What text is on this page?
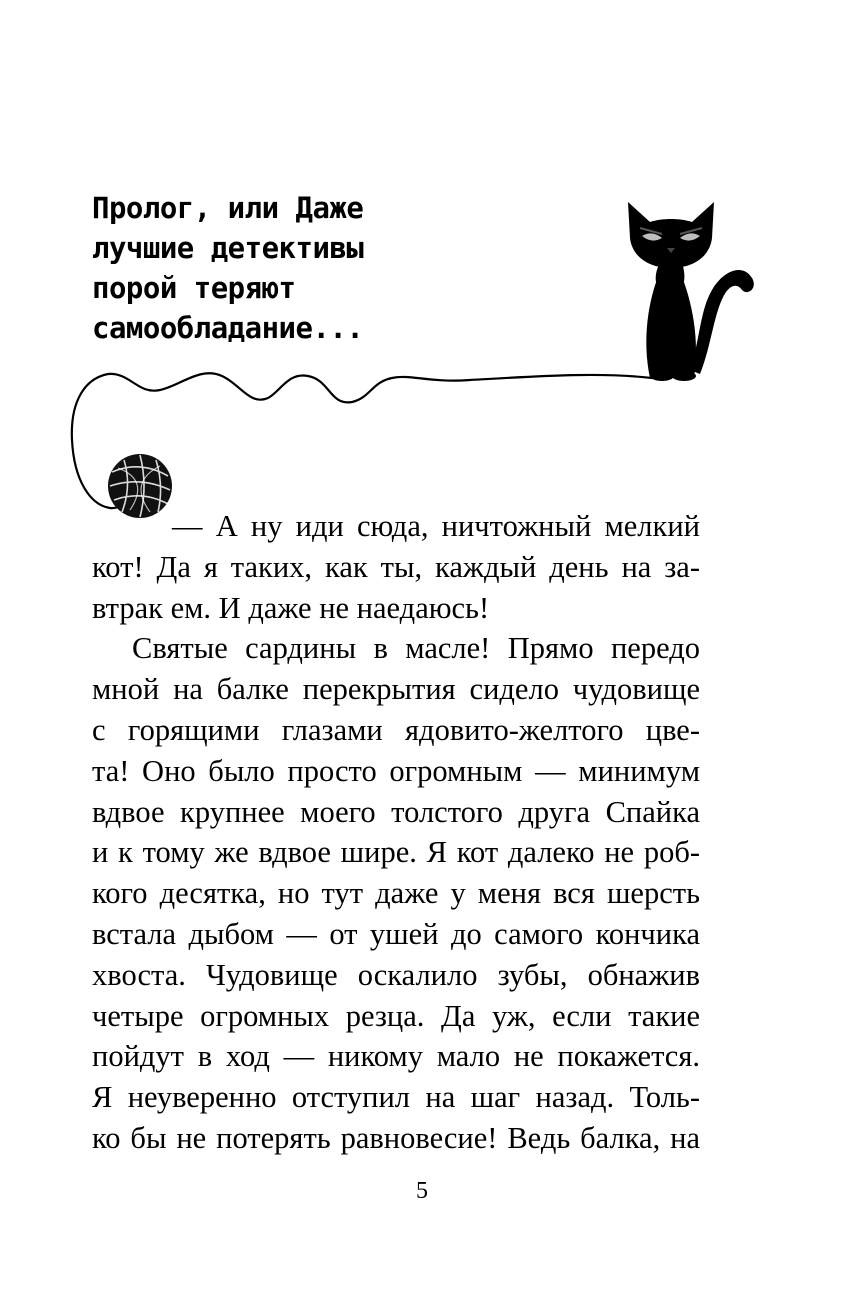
Пролог, или Даже
лучшие детективы
порой теряют
самообладание...
— А ну иди сюда, ничтожный мелкий
кот! Да я таких, как ты, каждый день на за-
втрак ем. И даже не наедаюсь!
Святые сардины в масле! Прямо передо
мной на балке перекрытия сидело чудовище
с горящими глазами ядовито-желтого цве-
та! Оно было просто огромным — минимум
вдвое крупнее моего толстого друга Спайка
и к тому же вдвое шире. Я кот далеко не роб-
кого десятка, но тут даже у меня вся шерсть
встала дыбом — от ушей до самого кончика
хвоста. Чудовище оскалило зубы, обнажив
четыре огромных резца. Да уж, если такие
пойдут в ход — никому мало не покажется.
Я неуверенно отступил на шаг назад. Толь-
ко бы не потерять равновесие! Ведь балка, на
5
